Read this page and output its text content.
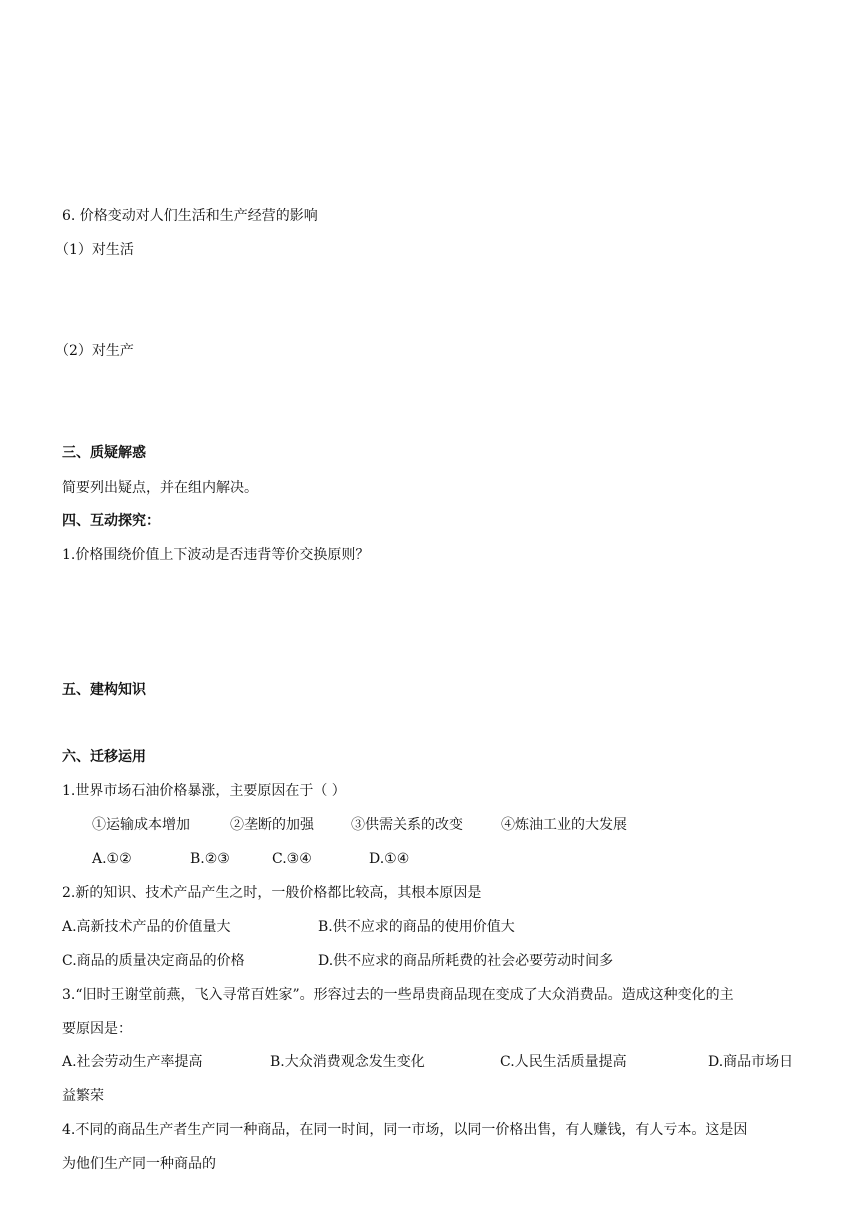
6. 价格变动对人们生活和生产经营的影响
（1）对生活
（2）对生产
三、质疑解惑
简要列出疑点，并在组内解决。
四、互动探究：
1.价格围绕价值上下波动是否违背等价交换原则？
五、建构知识
六、迁移运用
1.世界市场石油价格暴涨，主要原因在于（ ）
①运输成本增加	②垄断的加强	③供需关系的改变	④炼油工业的大发展
A.①②	B.②③	C.③④	D.①④
2.新的知识、技术产品产生之时，一般价格都比较高，其根本原因是
A.高新技术产品的价值量大	B.供不应求的商品的使用价值大
C.商品的质量决定商品的价格	D.供不应求的商品所耗费的社会必要劳动时间多
3.“旧时王谢堂前燕，飞入寻常百姓家”。形容过去的一些昂贵商品现在变成了大众消费品。造成这种变化的主
要原因是：
A.社会劳动生产率提高	B.大众消费观念发生变化	C.人民生活质量提高	D.商品市场日
益繁荣
4.不同的商品生产者生产同一种商品，在同一时间，同一市场，以同一价格出售，有人赚钱，有人亏本。这是因
为他们生产同一种商品的
